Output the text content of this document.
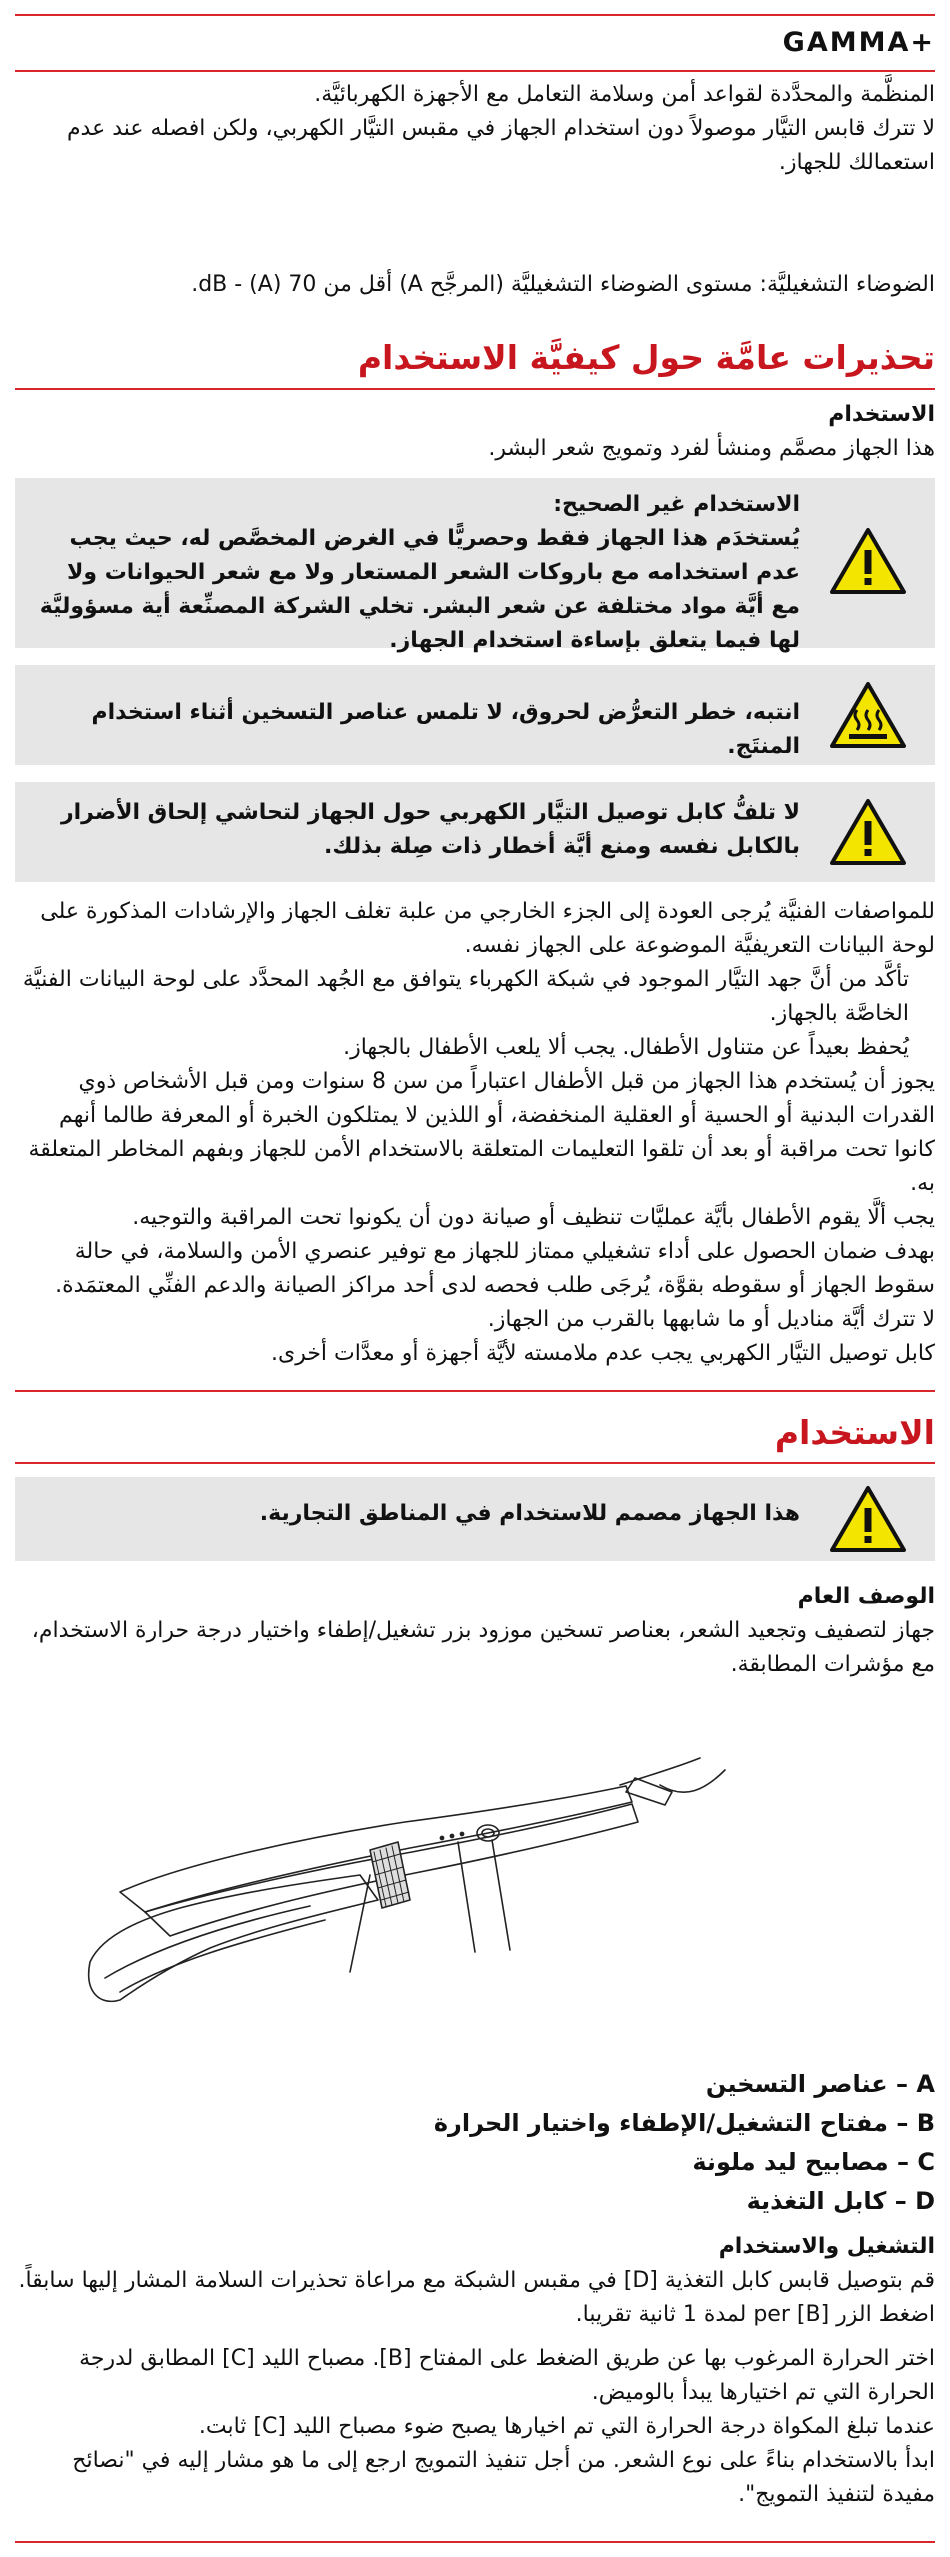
GAMMA+

المنظَّمة والمحدَّدة لقواعد أمن وسلامة التعامل مع الأجهزة الكهربائيَّة.

لا تترك قابس التيَّار موصولاً دون استخدام الجهاز في مقبس التيَّار الكهربي، ولكن افصله عند عدم استعمالك للجهاز.

الضوضاء التشغيليَّة: مستوى الضوضاء التشغيليَّة (المرجَّح A) أقل من 70 dB - (A).

تحذيرات عامَّة حول كيفيَّة الاستخدام

الاستخدام

هذا الجهاز مصمَّم ومنشأ لفرد وتمويج شعر البشر.

الاستخدام غير الصحيح:
يُستخدَم هذا الجهاز فقط وحصريًّا في الغرض المخصَّص له، حيث يجب عدم استخدامه مع باروكات الشعر المستعار ولا مع شعر الحيوانات ولا مع أيَّة مواد مختلفة عن شعر البشر. تخلي الشركة المصنِّعة أية مسؤوليَّة لها فيما يتعلق بإساءة استخدام الجهاز.
انتبه، خطر التعرُّض لحروق، لا تلمس عناصر التسخين أثناء استخدام المنتَج.
لا تلفُّ كابل توصيل التيَّار الكهربي حول الجهاز لتحاشي إلحاق الأضرار بالكابل نفسه ومنع أيَّة أخطار ذات صِلة بذلك.

للمواصفات الفنيَّة يُرجى العودة إلى الجزء الخارجي من علبة تغلف الجهاز والإرشادات المذكورة على لوحة البيانات التعريفيَّة الموضوعة على الجهاز نفسه.

تأكَّد من أنَّ جهد التيَّار الموجود في شبكة الكهرباء يتوافق مع الجُهد المحدَّد على لوحة البيانات الفنيَّة الخاصَّة بالجهاز.

يُحفظ بعيداً عن متناول الأطفال. يجب ألا يلعب الأطفال بالجهاز.

يجوز أن يُستخدم هذا الجهاز من قبل الأطفال اعتباراً من سن 8 سنوات ومن قبل الأشخاص ذوي القدرات البدنية أو الحسية أو العقلية المنخفضة، أو اللذين لا يمتلكون الخبرة أو المعرفة طالما أنهم كانوا تحت مراقبة أو بعد أن تلقوا التعليمات المتعلقة بالاستخدام الأمن للجهاز وبفهم المخاطر المتعلقة به.

يجب ألَّا يقوم الأطفال بأيَّة عمليَّات تنظيف أو صيانة دون أن يكونوا تحت المراقبة والتوجيه.

بهدف ضمان الحصول على أداء تشغيلي ممتاز للجهاز مع توفير عنصري الأمن والسلامة، في حالة سقوط الجهاز أو سقوطه بقوَّة، يُرجَى طلب فحصه لدى أحد مراكز الصيانة والدعم الفنِّي المعتمَدة.

لا تترك أيَّة مناديل أو ما شابهها بالقرب من الجهاز.

كابل توصيل التيَّار الكهربي يجب عدم ملامسته لأيَّة أجهزة أو معدَّات أخرى.

الاستخدام
هذا الجهاز مصمم للاستخدام في المناطق التجارية.

الوصف العام

جهاز لتصفيف وتجعيد الشعر، بعناصر تسخين موزود بزر تشغيل/إطفاء واختيار درجة حرارة الاستخدام، مع مؤشرات المطابقة.

A – عناصر التسخين
B – مفتاح التشغيل/الإطفاء واختيار الحرارة
C – مصابيح ليد ملونة
D – كابل التغذية

التشغيل والاستخدام

قم بتوصيل قابس كابل التغذية [D] في مقبس الشبكة مع مراعاة تحذيرات السلامة المشار إليها سابقاً.

اضغط الزر [B] per لمدة 1 ثانية تقريبا.

اختر الحرارة المرغوب بها عن طريق الضغط على المفتاح [B]. مصباح الليد [C] المطابق لدرجة الحرارة التي تم اختيارها يبدأ بالوميض.

عندما تبلغ المكواة درجة الحرارة التي تم اخيارها يصبح ضوء مصباح الليد [C] ثابت.

ابدأ بالاستخدام بناءً على نوع الشعر. من أجل تنفيذ التمويج ارجع إلى ما هو مشار إليه في "نصائح مفيدة لتنفيذ التمويج".
